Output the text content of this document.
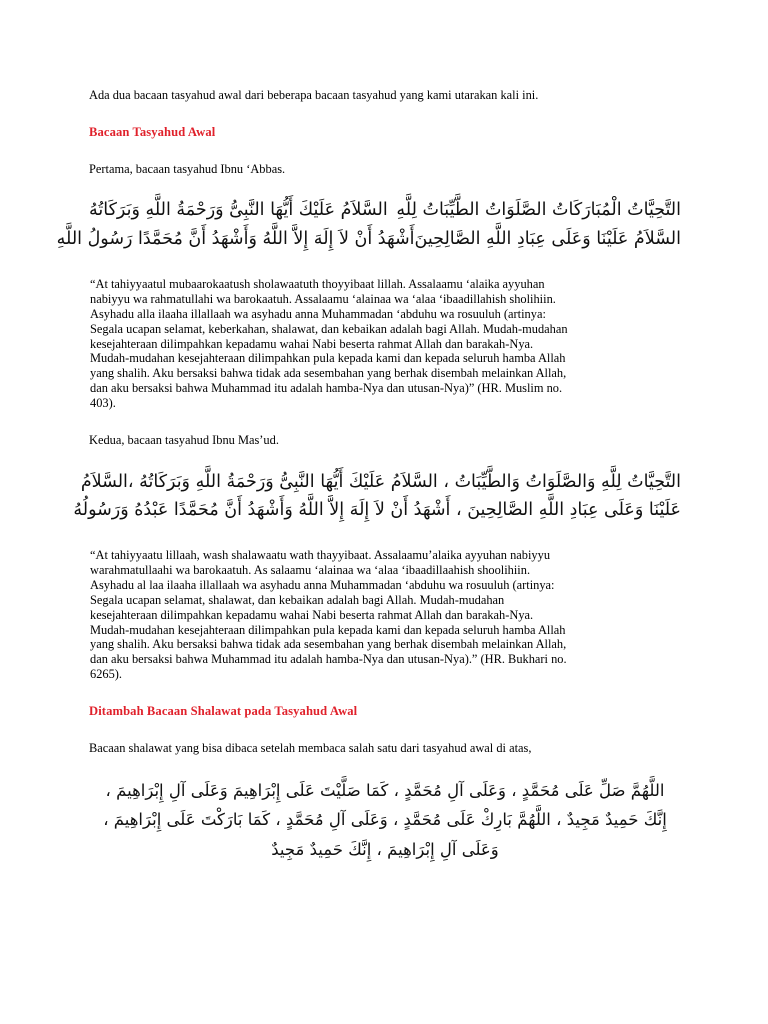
Ada dua bacaan tasyahud awal dari beberapa bacaan tasyahud yang kami utarakan kali ini.

Bacaan Tasyahud Awal

Pertama, bacaan tasyahud Ibnu ‘Abbas.

التَّحِيَّاتُ الْمُبَارَكَاتُ الصَّلَوَاتُ الطَّيِّبَاتُ لِلَّهِ
السَّلاَمُ عَلَيْكَ أَيُّهَا النَّبِىُّ وَرَحْمَةُ اللَّهِ وَبَرَكَاتُهُ
السَّلاَمُ عَلَيْنَا وَعَلَى عِبَادِ اللَّهِ الصَّالِحِينَ
أَشْهَدُ أَنْ لاَ إِلَهَ إِلاَّ اللَّهُ وَأَشْهَدُ أَنَّ مُحَمَّدًا رَسُولُ اللَّهِ
“At tahiyyaatul mubaarokaatush sholawaatuth thoyyibaat lillah. Assalaamu ‘alaika ayyuhan
nabiyyu wa rahmatullahi wa barokaatuh. Assalaamu ‘alainaa wa ‘alaa ‘ibaadillahish sholihiin.
Asyhadu alla ilaaha illallaah wa asyhadu anna Muhammadan ‘abduhu wa rosuuluh (artinya:
Segala ucapan selamat, keberkahan, shalawat, dan kebaikan adalah bagi Allah. Mudah-mudahan
kesejahteraan dilimpahkan kepadamu wahai Nabi beserta rahmat Allah dan barakah-Nya.
Mudah-mudahan kesejahteraan dilimpahkan pula kepada kami dan kepada seluruh hamba Allah
yang shalih. Aku bersaksi bahwa tidak ada sesembahan yang berhak disembah melainkan Allah,
dan aku bersaksi bahwa Muhammad itu adalah hamba-Nya dan utusan-Nya)” (HR. Muslim no.
403).

Kedua, bacaan tasyahud Ibnu Mas’ud.

التَّحِيَّاتُ لِلَّهِ وَالصَّلَوَاتُ وَالطَّيِّبَاتُ ، السَّلاَمُ عَلَيْكَ أَيُّهَا النَّبِىُّ وَرَحْمَةُ اللَّهِ وَبَرَكَاتُهُ ،
السَّلاَمُ
عَلَيْنَا وَعَلَى عِبَادِ اللَّهِ الصَّالِحِينَ ، أَشْهَدُ أَنْ لاَ إِلَهَ إِلاَّ اللَّهُ وَأَشْهَدُ أَنَّ مُحَمَّدًا عَبْدُهُ وَرَسُولُهُ
“At tahiyyaatu lillaah, wash shalawaatu wath thayyibaat. Assalaamu’alaika ayyuhan nabiyyu
warahmatullaahi wa barokaatuh. As salaamu ‘alainaa wa ‘alaa ‘ibaadillaahish shoolihiin.
Asyhadu al laa ilaaha illallaah wa asyhadu anna Muhammadan ‘abduhu wa rosuuluh (artinya:
Segala ucapan selamat, shalawat, dan kebaikan adalah bagi Allah. Mudah-mudahan
kesejahteraan dilimpahkan kepadamu wahai Nabi beserta rahmat Allah dan barakah-Nya.
Mudah-mudahan kesejahteraan dilimpahkan pula kepada kami dan kepada seluruh hamba Allah
yang shalih. Aku bersaksi bahwa tidak ada sesembahan yang berhak disembah melainkan Allah,
dan aku bersaksi bahwa Muhammad itu adalah hamba-Nya dan utusan-Nya).” (HR. Bukhari no.
6265).
Ditambah Bacaan Shalawat pada Tasyahud Awal

Bacaan shalawat yang bisa dibaca setelah membaca salah satu dari tasyahud awal di atas,

اللَّهُمَّ صَلِّ عَلَى مُحَمَّدٍ ، وَعَلَى آلِ مُحَمَّدٍ ، كَمَا صَلَّيْتَ عَلَى إِبْرَاهِيمَ وَعَلَى آلِ إِبْرَاهِيمَ ،
إِنَّكَ حَمِيدٌ مَجِيدٌ ، اللَّهُمَّ بَارِكْ عَلَى مُحَمَّدٍ ، وَعَلَى آلِ مُحَمَّدٍ ، كَمَا بَارَكْتَ عَلَى إِبْرَاهِيمَ ،
وَعَلَى آلِ إِبْرَاهِيمَ ، إِنَّكَ حَمِيدٌ مَجِيدٌ
